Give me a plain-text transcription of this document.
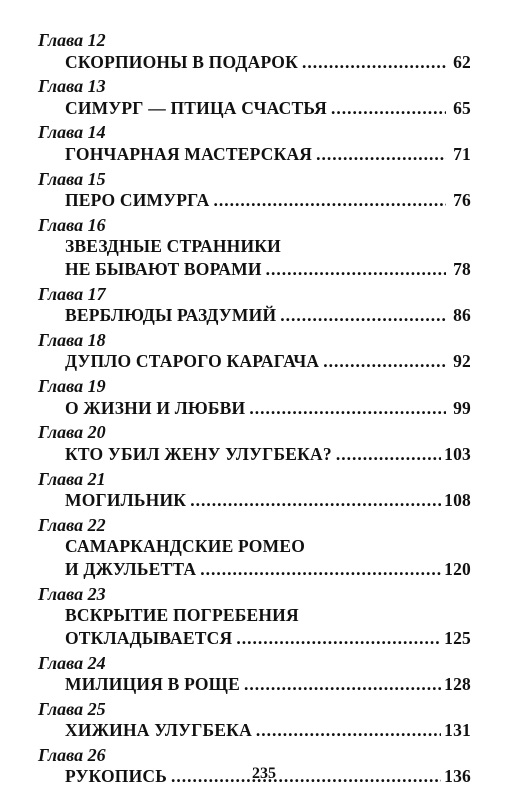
Глава 12
СКОРПИОНЫ В ПОДАРОК .....	62
Глава 13
СИМУРГ — ПТИЦА СЧАСТЬЯ .....	65
Глава 14
ГОНЧАРНАЯ МАСТЕРСКАЯ .....	71
Глава 15
ПЕРО СИМУРГА .....	76
Глава 16
ЗВЕЗДНЫЕ СТРАННИКИ
НЕ БЫВАЮТ ВОРАМИ .....	78
Глава 17
ВЕРБЛЮДЫ РАЗДУМИЙ .....	86
Глава 18
ДУПЛО СТАРОГО КАРАГАЧА .....	92
Глава 19
О ЖИЗНИ И ЛЮБВИ .....	99
Глава 20
КТО УБИЛ ЖЕНУ УЛУГБЕКА? .....	103
Глава 21
МОГИЛЬНИК .....	108
Глава 22
САМАРКАНДСКИЕ РОМЕО
И ДЖУЛЬЕТТА .....	120
Глава 23
ВСКРЫТИЕ ПОГРЕБЕНИЯ
ОТКЛАДЫВАЕТСЯ .....	125
Глава 24
МИЛИЦИЯ В РОЩЕ .....	128
Глава 25
ХИЖИНА УЛУГБЕКА .....	131
Глава 26
РУКОПИСЬ .....	136
235
